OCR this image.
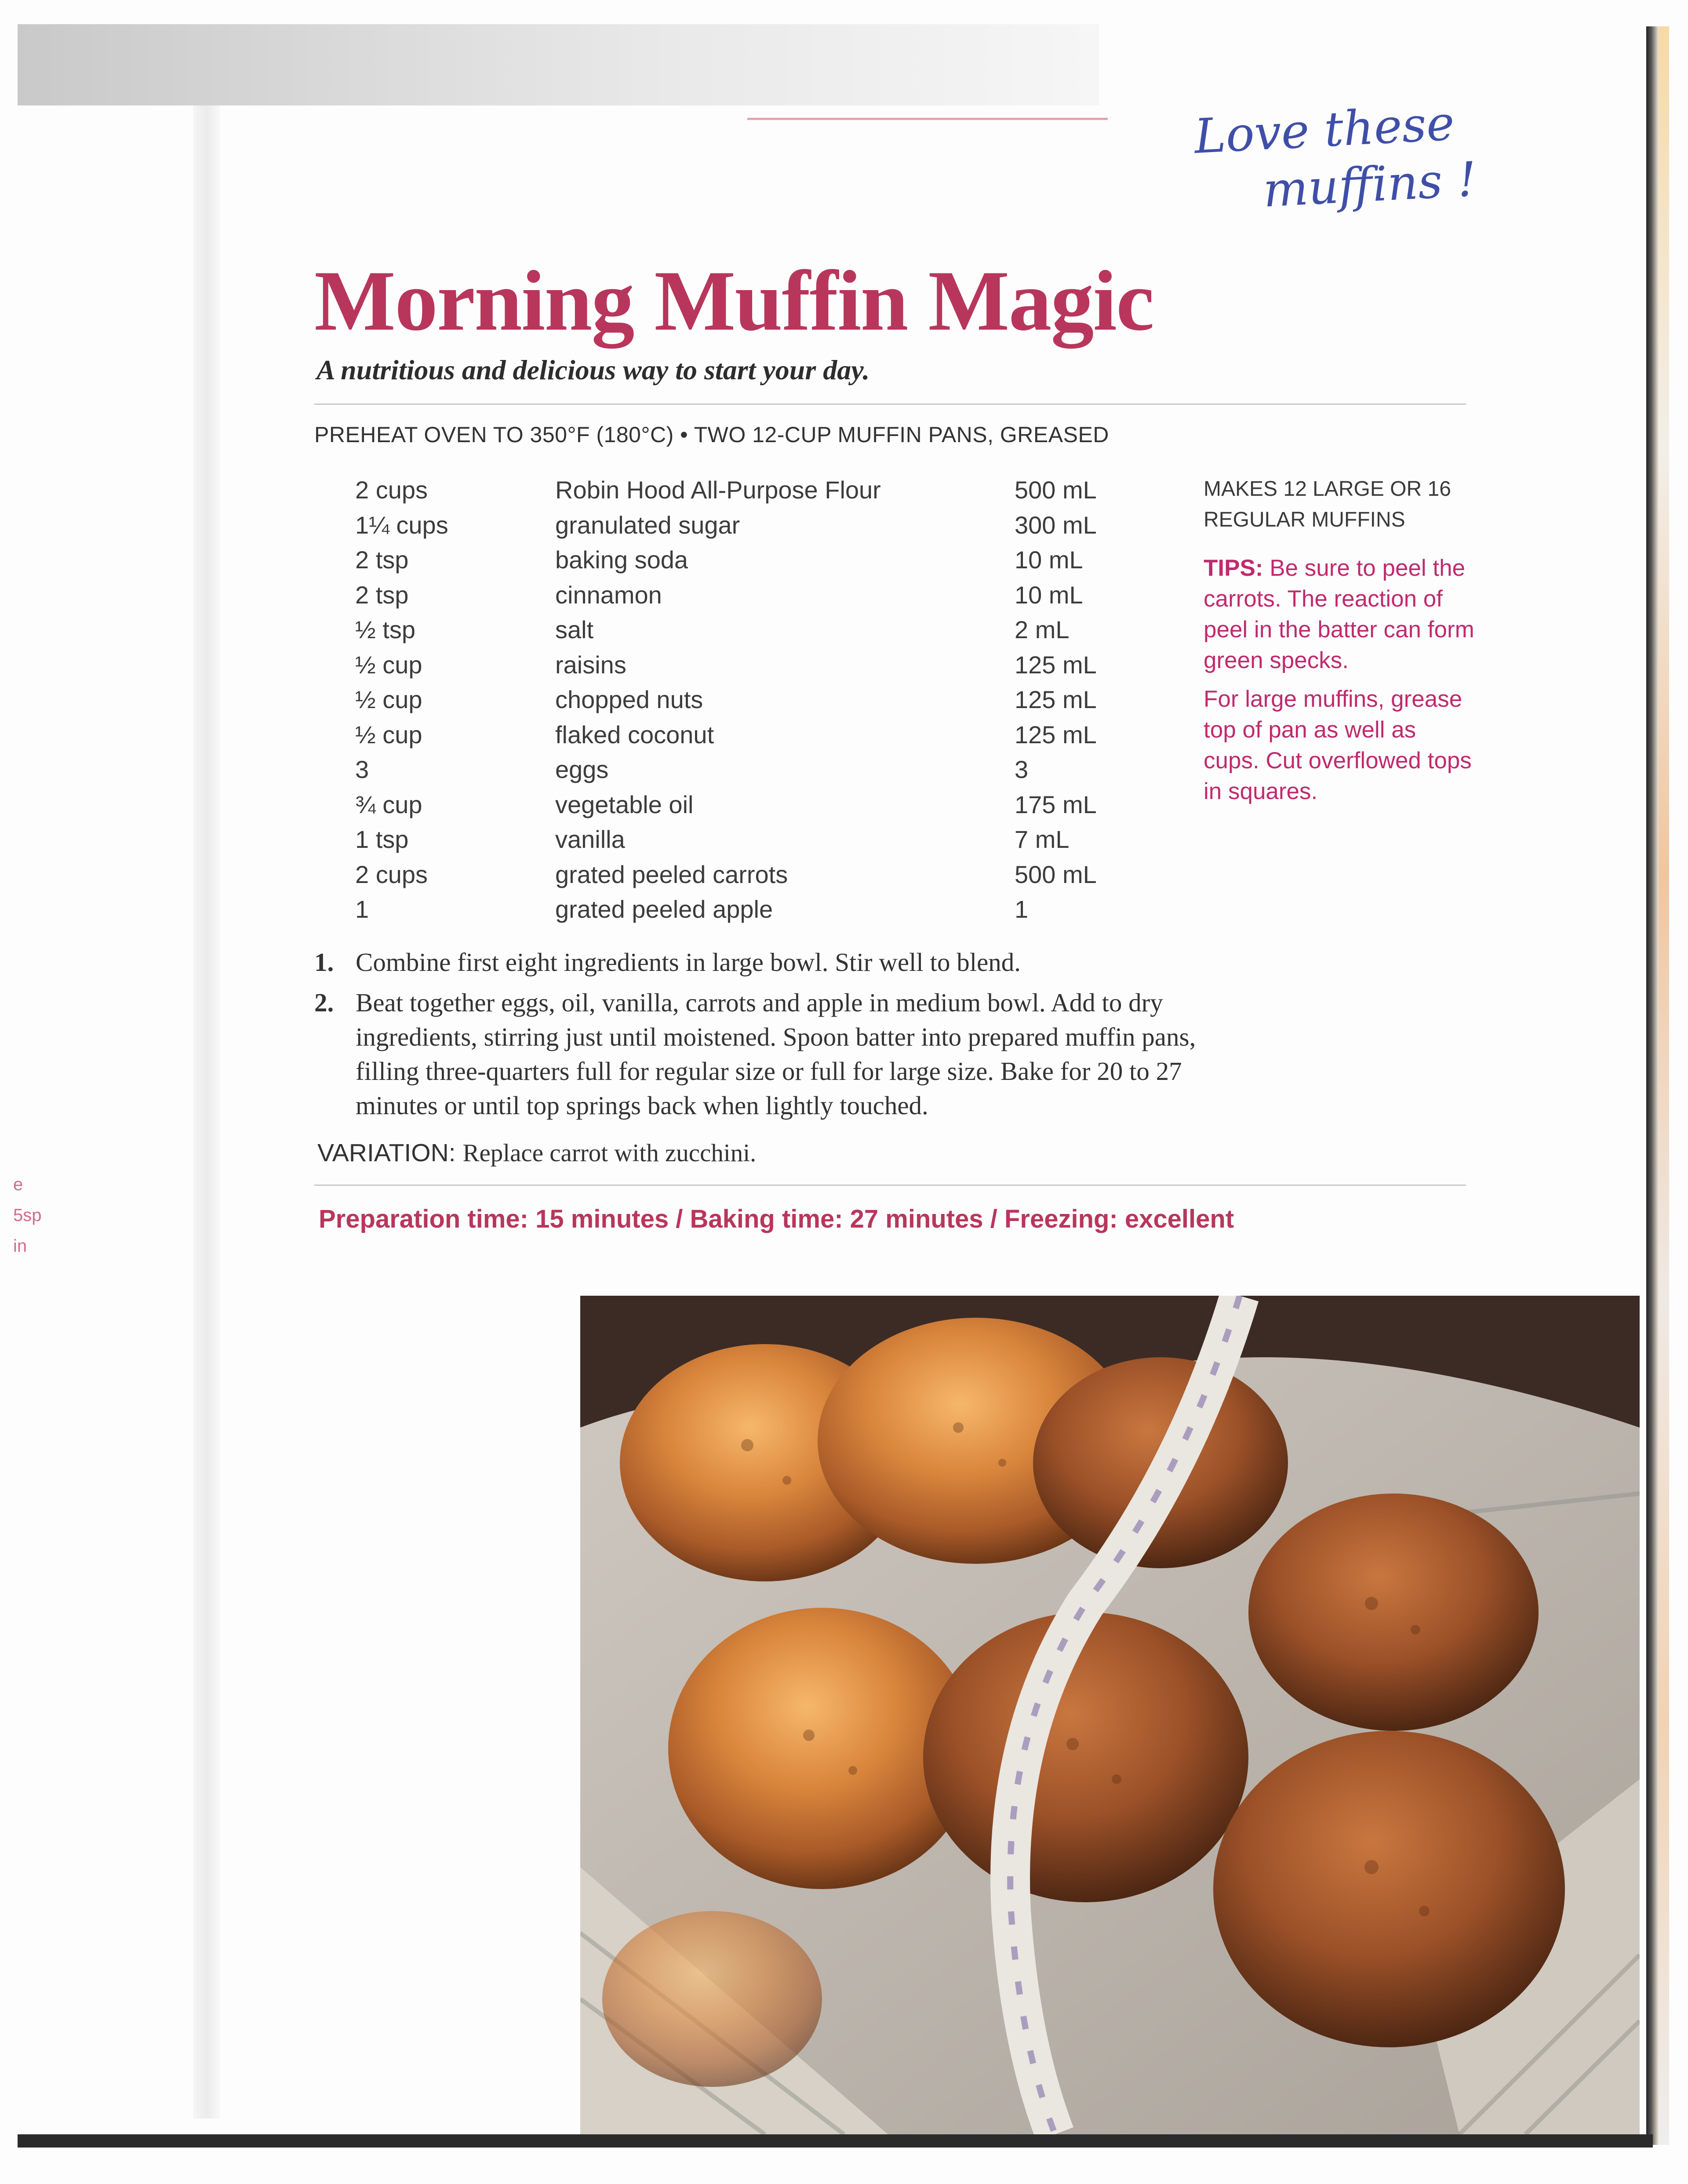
e
5sp
in
Love these
muffins !
Morning Muffin Magic

A nutritious and delicious way to start your day.

PREHEAT OVEN TO 350°F (180°C) • TWO 12-CUP MUFFIN PANS, GREASED
2 cups	Robin Hood All-Purpose Flour	500 mL
1¼ cups	granulated sugar	300 mL
2 tsp	baking soda	10 mL
2 tsp	cinnamon	10 mL
½ tsp	salt	2 mL
½ cup	raisins	125 mL
½ cup	chopped nuts	125 mL
½ cup	flaked coconut	125 mL
3	eggs	3
¾ cup	vegetable oil	175 mL
1 tsp	vanilla	7 mL
2 cups	grated peeled carrots	500 mL
1	grated peeled apple	1

MAKES 12 LARGE OR 16 REGULAR MUFFINS

TIPS: Be sure to peel the carrots. The reaction of peel in the batter can form green specks.

For large muffins, grease top of pan as well as cups. Cut overflowed tops in squares.

1. Combine first eight ingredients in large bowl. Stir well to blend.
2. Beat together eggs, oil, vanilla, carrots and apple in medium bowl. Add to dry ingredients, stirring just until moistened. Spoon batter into prepared muffin pans, filling three-quarters full for regular size or full for large size. Bake for 20 to 27 minutes or until top springs back when lightly touched.
VARIATION: Replace carrot with zucchini.
Preparation time: 15 minutes / Baking time: 27 minutes / Freezing: excellent
